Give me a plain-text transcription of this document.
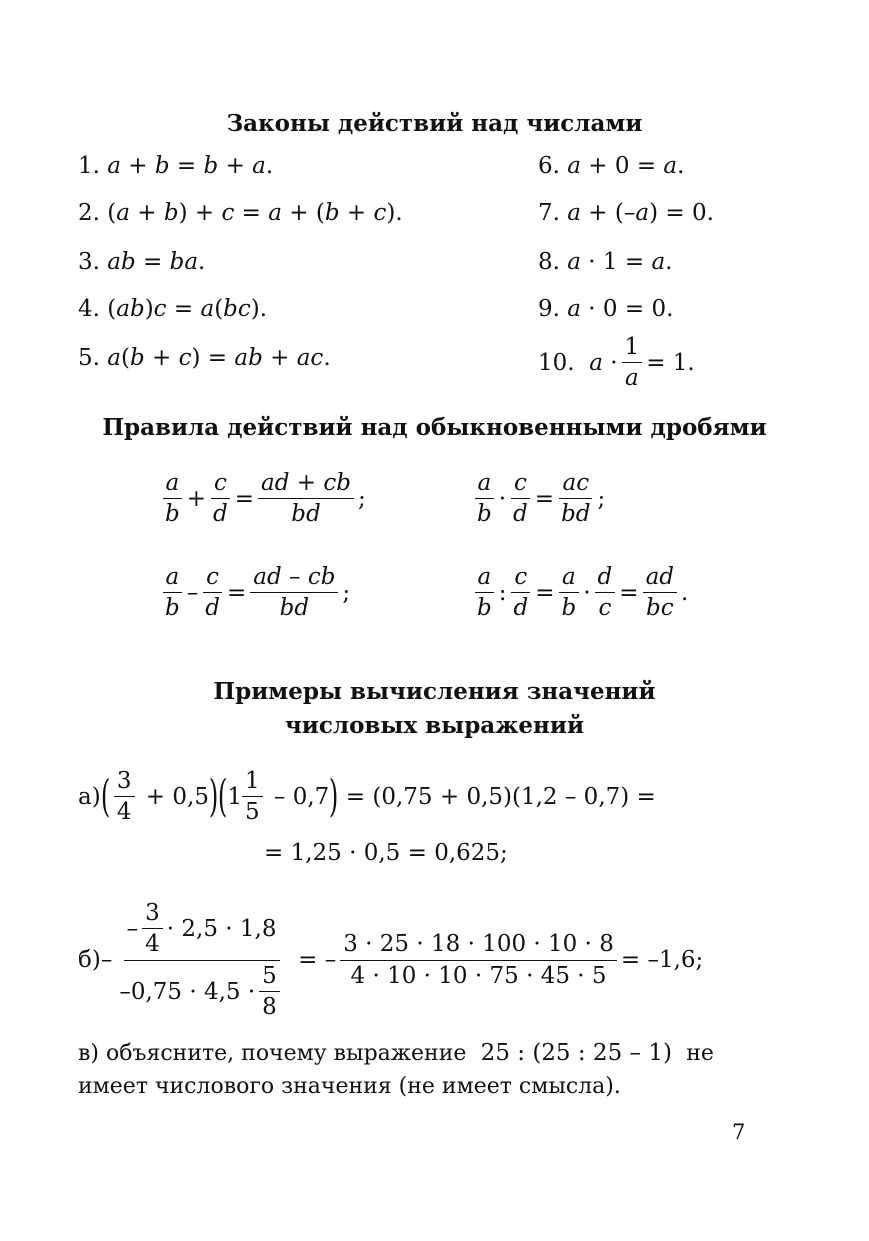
Законы действий над числами
1. a + b = b + a.
2. (a + b) + c = a + (b + c).
3. ab = ba.
4. (ab)c = a(bc).
5. a(b + c) = ab + ac.
6. a + 0 = a.
7. a + (–a) = 0.
8. a · 1 = a.
9. a · 0 = 0.
10.
$a \cdot \frac{1}{a} = 1$.
Правила действий над обыкновенными дробями
$\frac{a}{b} + \frac{c}{d} = \frac{ad + cb}{bd}$ ;	$\frac{a}{b} \cdot \frac{c}{d} = \frac{ac}{bd}$ ;
$\frac{a}{b} - \frac{c}{d} = \frac{ad - cb}{bd}$ ;	$\frac{a}{b}$ : $\frac{c}{d} = \frac{a}{b} \cdot \frac{d}{c} = \frac{ad}{bc}$ .
Примеры вычисления значений
числовых выражений
а) ( $\frac{3}{4} + 0,5$ ) ( $1 \frac{1}{5} - 0,7$ ) = (0,75 + 0,5)(1,2 – 0,7) =
= 1,25 · 0,5 = 0,625;
$б) - \frac{- \frac{3}{4} \cdot 2,5 \cdot 1,8}{-0,75 \cdot 4,5 \cdot \frac{5}{8}}$ = – $\frac{3 \cdot 25 \cdot 18 \cdot 100 \cdot 10 \cdot 8}{4 \cdot 10 \cdot 10 \cdot 75 \cdot 45 \cdot 5} = -1,6$;
в) объясните, почему выражение  25 : (25 : 25 – 1)  не
имеет числового значения (не имеет смысла).
7
